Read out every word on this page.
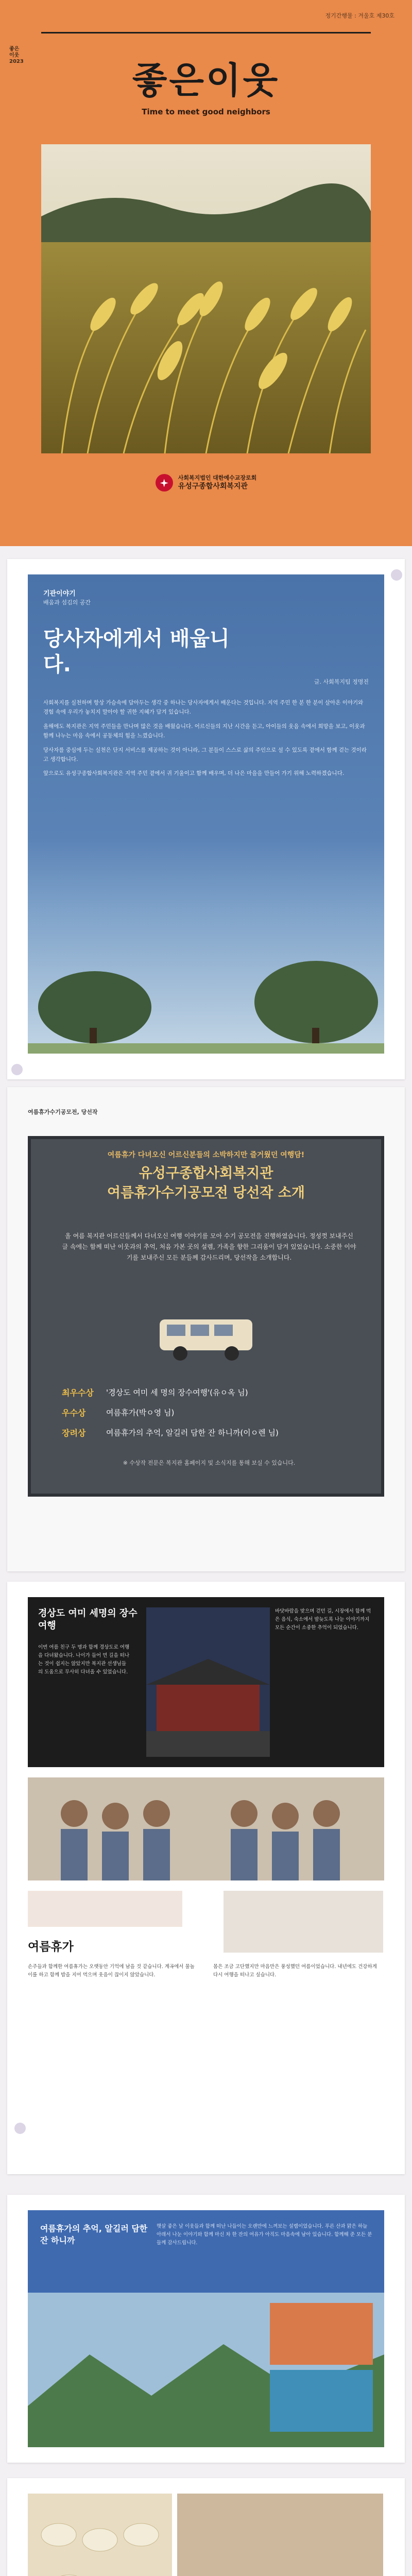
좋은
이웃
2023
정기간행물 : 겨울호 제30호
좋은이웃
Time to meet good neighbors
사회복지법인 대한예수교장로회
유성구종합사회복지관
기관이야기
배움과 섬김의 공간
당사자에게서 배웁니다.
글. 사회복지팀 정명진

사회복지를 실천하며 항상 가슴속에 담아두는 생각 중 하나는 당사자에게서 배운다는 것입니다. 지역 주민 한 분 한 분이 살아온 이야기와 경험 속에 우리가 놓치지 말아야 할 귀한 지혜가 담겨 있습니다.

올해에도 복지관은 지역 주민들을 만나며 많은 것을 배웠습니다. 어르신들의 지난 시간을 듣고, 아이들의 웃음 속에서 희망을 보고, 이웃과 함께 나누는 마음 속에서 공동체의 힘을 느꼈습니다.

당사자를 중심에 두는 실천은 단지 서비스를 제공하는 것이 아니라, 그 분들이 스스로 삶의 주인으로 설 수 있도록 곁에서 함께 걷는 것이라고 생각합니다.

앞으로도 유성구종합사회복지관은 지역 주민 곁에서 귀 기울이고 함께 배우며, 더 나은 마을을 만들어 가기 위해 노력하겠습니다.

여름휴가수기공모전, 당선작
여름휴가 다녀오신 어르신분들의 소박하지만 즐거웠던 여행담!
유성구종합사회복지관
여름휴가수기공모전 당선작 소개
올 여름 복지관 어르신들께서 다녀오신 여행 이야기를 모아 수기 공모전을 진행하였습니다. 정성껏 보내주신 글 속에는 함께 떠난 이웃과의 추억, 처음 가본 곳의 설렘, 가족을 향한 그리움이 담겨 있었습니다. 소중한 이야기를 보내주신 모든 분들께 감사드리며, 당선작을 소개합니다.
최우수상	'경상도 여미 세 명의 장수여행'(유ㅇ옥 님)
우수상	여름휴가(박ㅇ영 님)
장려상	여름휴가의 추억, 알길러 담한 잔 하니까(이ㅇ렌 님)
※ 수상작 전문은 복지관 홈페이지 및 소식지를 통해 보실 수 있습니다.
경상도 여미 세명의 장수여행
이번 여름 친구 두 명과 함께 경상도로 여행을 다녀왔습니다. 나이가 들어 먼 길을 떠나는 것이 쉽지는 않았지만 복지관 선생님들의 도움으로 무사히 다녀올 수 있었습니다.
바닷바람을 맞으며 걷던 길, 시장에서 함께 먹은 음식, 숙소에서 밤늦도록 나눈 이야기까지 모든 순간이 소중한 추억이 되었습니다.
여름휴가
손주들과 함께한 여름휴가는 오랫동안 기억에 남을 것 같습니다. 계곡에서 물놀이를 하고 함께 밥을 지어 먹으며 웃음이 끊이지 않았습니다.
몸은 조금 고단했지만 마음만은 풍성했던 여름이었습니다. 내년에도 건강하게 다시 여행을 떠나고 싶습니다.
여름휴가의 추억, 알길러 담한 잔 하니까
햇살 좋은 날 이웃들과 함께 떠난 나들이는 오랜만에 느껴보는 설렘이었습니다. 푸른 산과 맑은 하늘 아래서 나눈 이야기와 함께 마신 차 한 잔의 여유가 아직도 마음속에 남아 있습니다. 함께해 준 모든 분들께 감사드립니다.
